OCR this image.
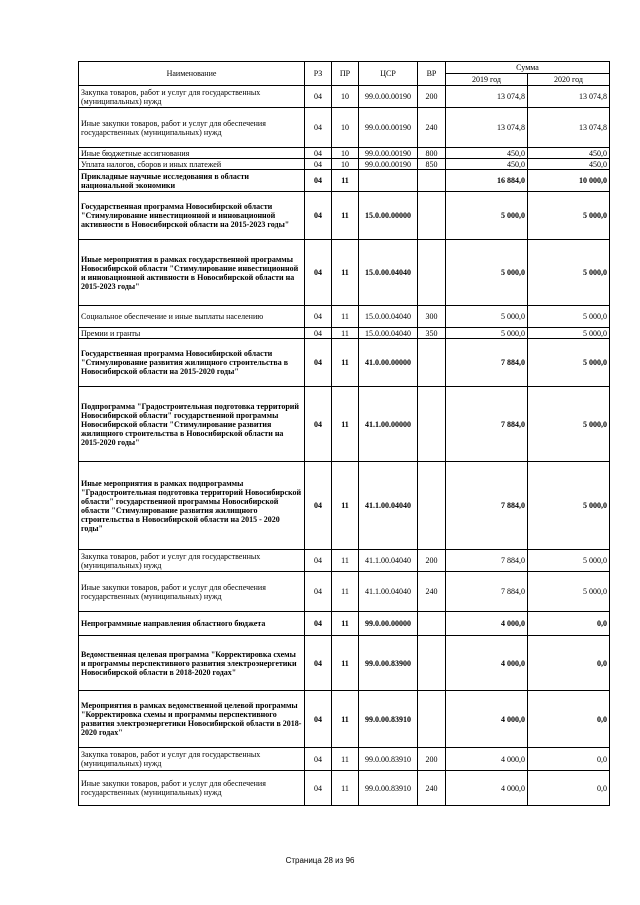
Наименование	РЗ	ПР	ЦСР	ВР	Сумма	
					2019 год	2020 год
Закупка товаров, работ и услуг для государственных (муниципальных) нужд	04	10	99.0.00.00190	200	13 074,8	13 074,8
Иные закупки товаров, работ и услуг для обеспечения государственных (муниципальных) нужд	04	10	99.0.00.00190	240	13 074,8	13 074,8
Иные бюджетные ассигнования	04	10	99.0.00.00190	800	450,0	450,0
Уплата налогов, сборов и иных платежей	04	10	99.0.00.00190	850	450,0	450,0
Прикладные научные исследования в области национальной экономики	04	11			16 884,0	10 000,0
Государственная программа Новосибирской области "Стимулирование инвестиционной и инновационной активности в Новосибирской области на 2015-2023 годы"	04	11	15.0.00.00000		5 000,0	5 000,0
Иные мероприятия в рамках государственной программы Новосибирской области "Стимулирование инвестиционной и инновационной активности в Новосибирской области на 2015-2023 годы"	04	11	15.0.00.04040		5 000,0	5 000,0
Социальное обеспечение и иные выплаты населению	04	11	15.0.00.04040	300	5 000,0	5 000,0
Премии и гранты	04	11	15.0.00.04040	350	5 000,0	5 000,0
Государственная программа Новосибирской области "Стимулирование развития жилищного строительства в Новосибирской области на 2015-2020 годы"	04	11	41.0.00.00000		7 884,0	5 000,0
Подпрограмма "Градостроительная подготовка территорий Новосибирской области" государственной программы Новосибирской области "Стимулирование развития жилищного строительства в Новосибирской области на 2015-2020 годы"	04	11	41.1.00.00000		7 884,0	5 000,0
Иные мероприятия в рамках подпрограммы "Градостроительная подготовка территорий Новосибирской области" государственной программы Новосибирской области "Стимулирование развития жилищного строительства в Новосибирской области на 2015 - 2020 годы"	04	11	41.1.00.04040		7 884,0	5 000,0
Закупка товаров, работ и услуг для государственных (муниципальных) нужд	04	11	41.1.00.04040	200	7 884,0	5 000,0
Иные закупки товаров, работ и услуг для обеспечения государственных (муниципальных) нужд	04	11	41.1.00.04040	240	7 884,0	5 000,0
Непрограммные направления областного бюджета	04	11	99.0.00.00000		4 000,0	0,0
Ведомственная целевая программа "Корректировка схемы и программы перспективного развития электроэнергетики Новосибирской области в 2018-2020 годах"	04	11	99.0.00.83900		4 000,0	0,0
Мероприятия в рамках ведомственной целевой программы "Корректировка схемы и программы перспективного развития электроэнергетики Новосибирской области в 2018-2020 годах"	04	11	99.0.00.83910		4 000,0	0,0
Закупка товаров, работ и услуг для государственных (муниципальных) нужд	04	11	99.0.00.83910	200	4 000,0	0,0
Иные закупки товаров, работ и услуг для обеспечения государственных (муниципальных) нужд	04	11	99.0.00.83910	240	4 000,0	0,0
Страница 28 из 96
